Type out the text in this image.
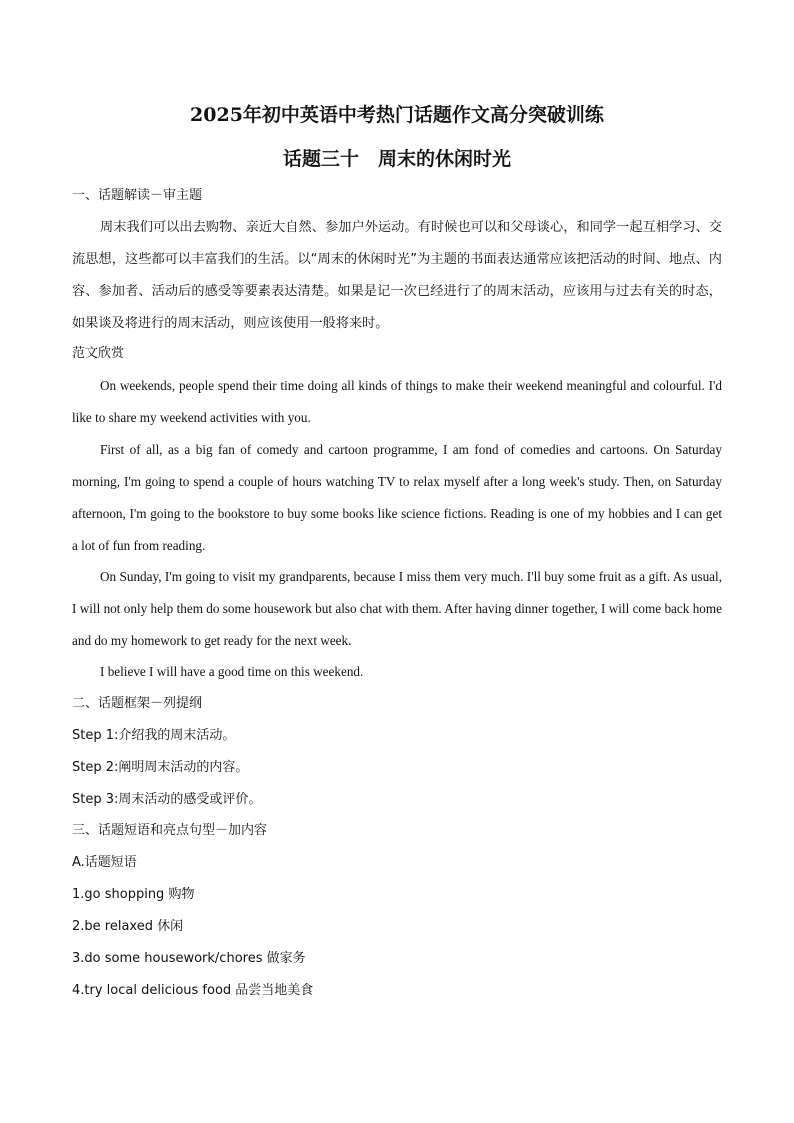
2025年初中英语中考热门话题作文高分突破训练
话题三十　周末的休闲时光

一、话题解读－审主题

周末我们可以出去购物、亲近大自然、参加户外运动。有时候也可以和父母谈心，和同学一起互相学习、交流思想，这些都可以丰富我们的生活。以“周末的休闲时光”为主题的书面表达通常应该把活动的时间、地点、内容、参加者、活动后的感受等要素表达清楚。如果是记一次已经进行了的周末活动，应该用与过去有关的时态，如果谈及将进行的周末活动，则应该使用一般将来时。

范文欣赏

On weekends, people spend their time doing all kinds of things to make their weekend meaningful and colourful. I'd like to share my weekend activities with you.

First of all, as a big fan of comedy and cartoon programme, I am fond of comedies and cartoons. On Saturday morning, I'm going to spend a couple of hours watching TV to relax myself after a long week's study. Then, on Saturday afternoon, I'm going to the bookstore to buy some books like science fictions. Reading is one of my hobbies and I can get a lot of fun from reading.

On Sunday, I'm going to visit my grandparents, because I miss them very much. I'll buy some fruit as a gift. As usual, I will not only help them do some housework but also chat with them. After having dinner together, I will come back home and do my homework to get ready for the next week.

I believe I will have a good time on this weekend.

二、话题框架－列提纲

Step 1:介绍我的周末活动。

Step 2:阐明周末活动的内容。

Step 3:周末活动的感受或评价。

三、话题短语和亮点句型－加内容

A.话题短语

1.go shopping 购物

2.be relaxed 休闲

3.do some housework/chores 做家务

4.try local delicious food 品尝当地美食
